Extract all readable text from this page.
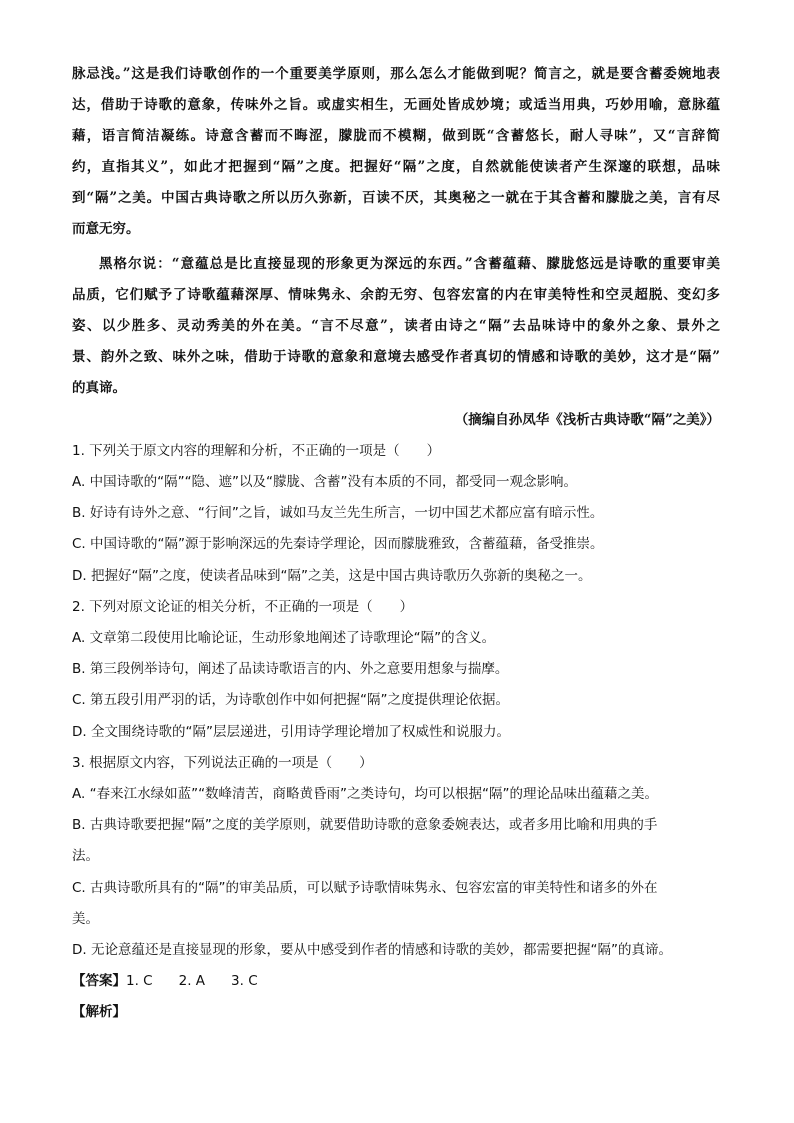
脉忌浅。”这是我们诗歌创作的一个重要美学原则，那么怎么才能做到呢？简言之，就是要含蓄委婉地表
达，借助于诗歌的意象，传味外之旨。或虚实相生，无画处皆成妙境；或适当用典，巧妙用喻，意脉蕴
藉，语言简洁凝练。诗意含蓄而不晦涩，朦胧而不模糊，做到既“含蓄悠长，耐人寻味”，又“言辞简
约，直指其义”，如此才把握到“隔”之度。把握好“隔”之度，自然就能使读者产生深邃的联想，品味
到“隔”之美。中国古典诗歌之所以历久弥新，百读不厌，其奥秘之一就在于其含蓄和朦胧之美，言有尽
而意无穷。
黑格尔说：“意蕴总是比直接显现的形象更为深远的东西。”含蓄蕴藉、朦胧悠远是诗歌的重要审美
品质，它们赋予了诗歌蕴藉深厚、情味隽永、余韵无穷、包容宏富的内在审美特性和空灵超脱、变幻多
姿、以少胜多、灵动秀美的外在美。“言不尽意”，读者由诗之“隔”去品味诗中的象外之象、景外之
景、韵外之致、味外之味，借助于诗歌的意象和意境去感受作者真切的情感和诗歌的美妙，这才是“隔”
的真谛。
（摘编自孙凤华《浅析古典诗歌“隔”之美》）
1. 下列关于原文内容的理解和分析，不正确的一项是（　　）
A. 中国诗歌的“隔”“隐、遮”以及“朦胧、含蓄”没有本质的不同，都受同一观念影响。
B. 好诗有诗外之意、“行间”之旨，诚如马友兰先生所言，一切中国艺术都应富有暗示性。
C. 中国诗歌的“隔”源于影响深远的先秦诗学理论，因而朦胧雅致，含蓄蕴藉，备受推崇。
D. 把握好“隔”之度，使读者品味到“隔”之美，这是中国古典诗歌历久弥新的奥秘之一。
2. 下列对原文论证的相关分析，不正确的一项是（　　）
A. 文章第二段使用比喻论证，生动形象地阐述了诗歌理论“隔”的含义。
B. 第三段例举诗句，阐述了品读诗歌语言的内、外之意要用想象与揣摩。
C. 第五段引用严羽的话，为诗歌创作中如何把握“隔”之度提供理论依据。
D. 全文围绕诗歌的“隔”层层递进，引用诗学理论增加了权威性和说服力。
3. 根据原文内容，下列说法正确的一项是（　　）
A. “春来江水绿如蓝”“数峰清苦，商略黄昏雨”之类诗句，均可以根据“隔”的理论品味出蕴藉之美。
B. 古典诗歌要把握“隔”之度的美学原则，就要借助诗歌的意象委婉表达，或者多用比喻和用典的手
法。
C. 古典诗歌所具有的“隔”的审美品质，可以赋予诗歌情味隽永、包容宏富的审美特性和诸多的外在
美。
D. 无论意蕴还是直接显现的形象，要从中感受到作者的情感和诗歌的美妙，都需要把握“隔”的真谛。
【答案】1. C 2. A 3. C
【解析】
